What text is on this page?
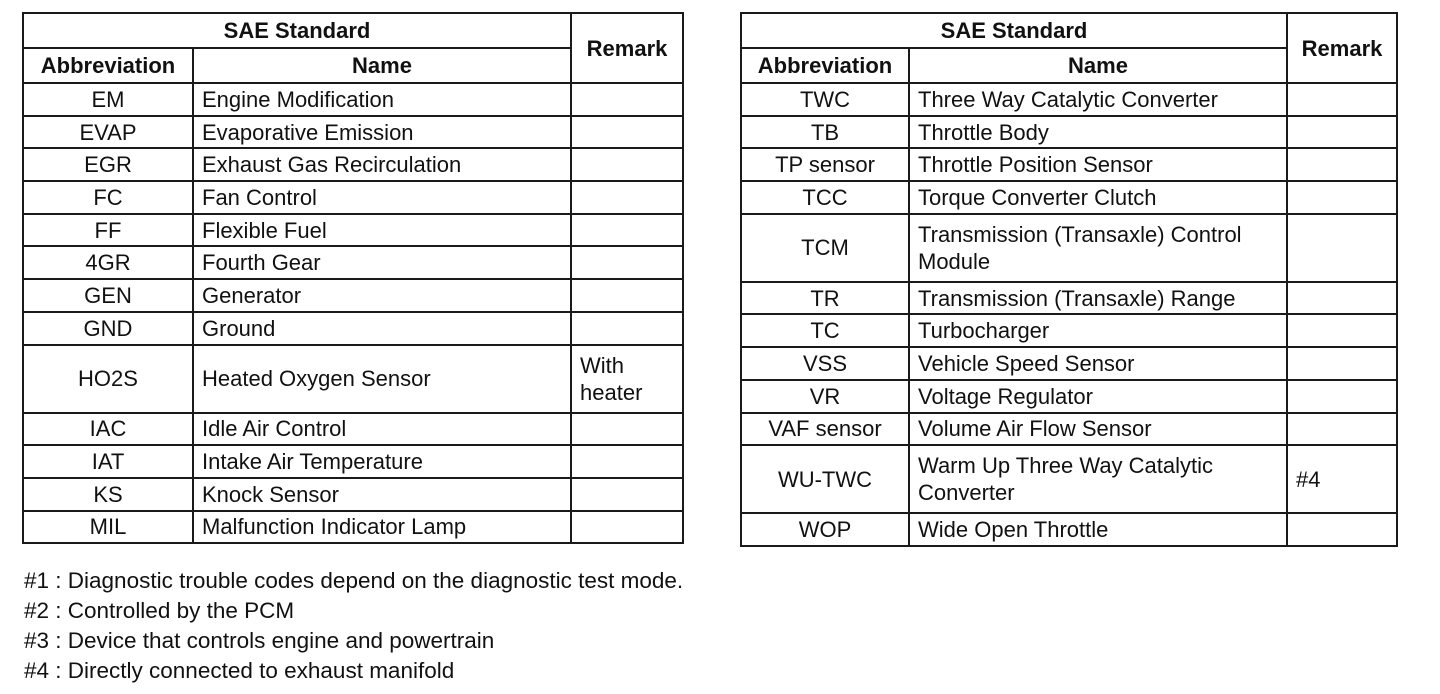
SAE Standard		Remark
Abbreviation	Name	
EM	Engine Modification	
EVAP	Evaporative Emission	
EGR	Exhaust Gas Recirculation	
FC	Fan Control	
FF	Flexible Fuel	
4GR	Fourth Gear	
GEN	Generator	
GND	Ground	
HO2S	Heated Oxygen Sensor	With heater
IAC	Idle Air Control	
IAT	Intake Air Temperature	
KS	Knock Sensor	
MIL	Malfunction Indicator Lamp	
SAE Standard		Remark
Abbreviation	Name	
TWC	Three Way Catalytic Converter	
TB	Throttle Body	
TP sensor	Throttle Position Sensor	
TCC	Torque Converter Clutch	
TCM	Transmission (Transaxle) Control Module	
TR	Transmission (Transaxle) Range	
TC	Turbocharger	
VSS	Vehicle Speed Sensor	
VR	Voltage Regulator	
VAF sensor	Volume Air Flow Sensor	
WU-TWC	Warm Up Three Way Catalytic Converter	#4
WOP	Wide Open Throttle	
#1 : Diagnostic trouble codes depend on the diagnostic test mode.
#2 : Controlled by the PCM
#3 : Device that controls engine and powertrain
#4 : Directly connected to exhaust manifold
